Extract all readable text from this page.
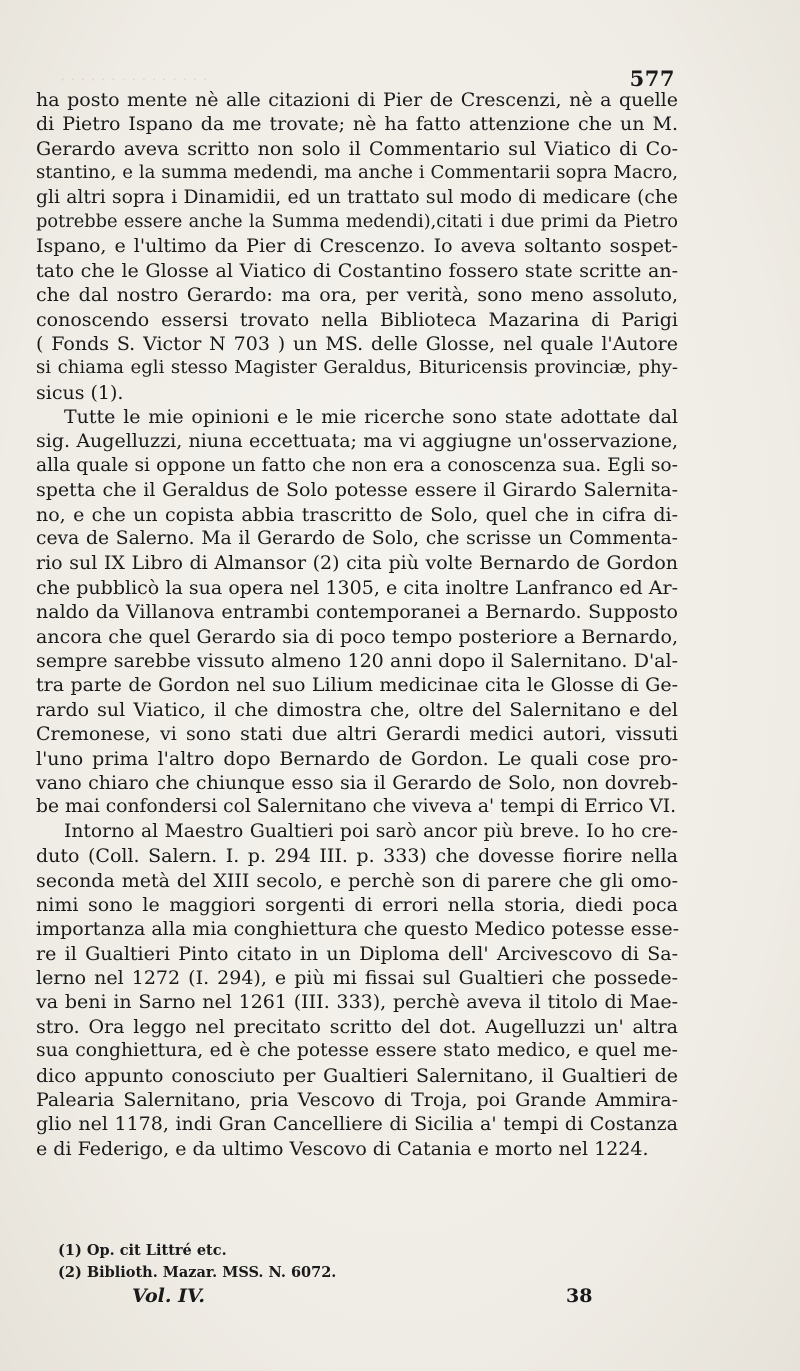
· · · · · · · · · · · · · · ·	577
ha posto mente nè alle citazioni di Pier de Crescenzi, nè a quelle
di Pietro Ispano da me trovate; nè ha fatto attenzione che un M.
Gerardo aveva scritto non solo il Commentario sul Viatico di Co-
stantino, e la summa medendi, ma anche i Commentarii sopra Macro,
gli altri sopra i Dinamidii, ed un trattato sul modo di medicare (che
potrebbe essere anche la Summa medendi),citati i due primi da Pietro
Ispano, e l'ultimo da Pier di Crescenzo. Io aveva soltanto sospet-
tato che le Glosse al Viatico di Costantino fossero state scritte an-
che dal nostro Gerardo: ma ora, per verità, sono meno assoluto,
conoscendo essersi trovato nella Biblioteca Mazarina di Parigi
( Fonds S. Victor N 703 ) un MS. delle Glosse, nel quale l'Autore
si chiama egli stesso Magister Geraldus, Bituricensis provinciæ, phy-
sicus (1).
Tutte le mie opinioni e le mie ricerche sono state adottate dal
sig. Augelluzzi, niuna eccettuata; ma vi aggiugne un'osservazione,
alla quale si oppone un fatto che non era a conoscenza sua. Egli so-
spetta che il Geraldus de Solo potesse essere il Girardo Salernita-
no, e che un copista abbia trascritto de Solo, quel che in cifra di-
ceva de Salerno. Ma il Gerardo de Solo, che scrisse un Commenta-
rio sul IX Libro di Almansor (2) cita più volte Bernardo de Gordon
che pubblicò la sua opera nel 1305, e cita inoltre Lanfranco ed Ar-
naldo da Villanova entrambi contemporanei a Bernardo. Supposto
ancora che quel Gerardo sia di poco tempo posteriore a Bernardo,
sempre sarebbe vissuto almeno 120 anni dopo il Salernitano. D'al-
tra parte de Gordon nel suo Lilium medicinae cita le Glosse di Ge-
rardo sul Viatico, il che dimostra che, oltre del Salernitano e del
Cremonese, vi sono stati due altri Gerardi medici autori, vissuti
l'uno prima l'altro dopo Bernardo de Gordon. Le quali cose pro-
vano chiaro che chiunque esso sia il Gerardo de Solo, non dovreb-
be mai confondersi col Salernitano che viveva a' tempi di Errico VI.
Intorno al Maestro Gualtieri poi sarò ancor più breve. Io ho cre-
duto (Coll. Salern. I. p. 294 III. p. 333) che dovesse fiorire nella
seconda metà del XIII secolo, e perchè son di parere che gli omo-
nimi sono le maggiori sorgenti di errori nella storia, diedi poca
importanza alla mia conghiettura che questo Medico potesse esse-
re il Gualtieri Pinto citato in un Diploma dell' Arcivescovo di Sa-
lerno nel 1272 (I. 294), e più mi fissai sul Gualtieri che possede-
va beni in Sarno nel 1261 (III. 333), perchè aveva il titolo di Mae-
stro. Ora leggo nel precitato scritto del dot. Augelluzzi un' altra
sua conghiettura, ed è che potesse essere stato medico, e quel me-
dico appunto conosciuto per Gualtieri Salernitano, il Gualtieri de
Palearia Salernitano, pria Vescovo di Troja, poi Grande Ammira-
glio nel 1178, indi Gran Cancelliere di Sicilia a' tempi di Costanza
e di Federigo, e da ultimo Vescovo di Catania e morto nel 1224.
(1) Op. cit Littré etc.
(2) Biblioth. Mazar. MSS. N. 6072.
Vol. IV.	38
